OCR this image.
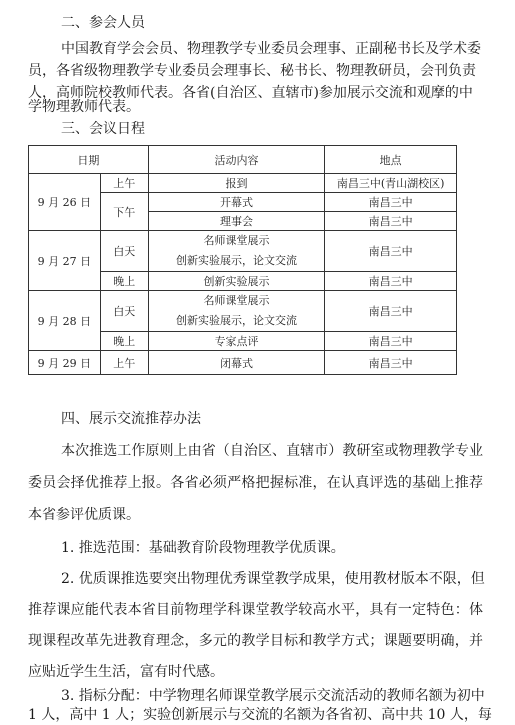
二、参会人员
中国教育学会会员、物理教学专业委员会理事、正副秘书长及学术委
员，各省级物理教学专业委员会理事长、秘书长、物理教研员，会刊负责
人，高师院校教师代表。各省(自治区、直辖市)参加展示交流和观摩的中
学物理教师代表。
三、会议日程
日期		活动内容	地点
9 月 26 日	上午	报到	南昌三中(青山湖校区)
	下午	开幕式	南昌三中
		理事会	南昌三中
9 月 27 日	白天	名师课堂展示
创新实验展示，论文交流	南昌三中
	晚上	创新实验展示	南昌三中
9 月 28 日	白天	名师课堂展示
创新实验展示，论文交流	南昌三中
	晚上	专家点评	南昌三中
9 月 29 日	上午	闭幕式	南昌三中
四、展示交流推荐办法
本次推选工作原则上由省（自治区、直辖市）教研室或物理教学专业
委员会择优推荐上报。各省必须严格把握标准，在认真评选的基础上推荐
本省参评优质课。
1. 推选范围：基础教育阶段物理教学优质课。
2. 优质课推选要突出物理优秀课堂教学成果，使用教材版本不限，但
推荐课应能代表本省目前物理学科课堂教学较高水平，具有一定特色：体
现课程改革先进教育理念，多元的教学目标和教学方式；课题要明确，并
应贴近学生生活，富有时代感。
3. 指标分配：中学物理名师课堂教学展示交流活动的教师名额为初中
1 人，高中 1 人；实验创新展示与交流的名额为各省初、高中共 10 人，每
